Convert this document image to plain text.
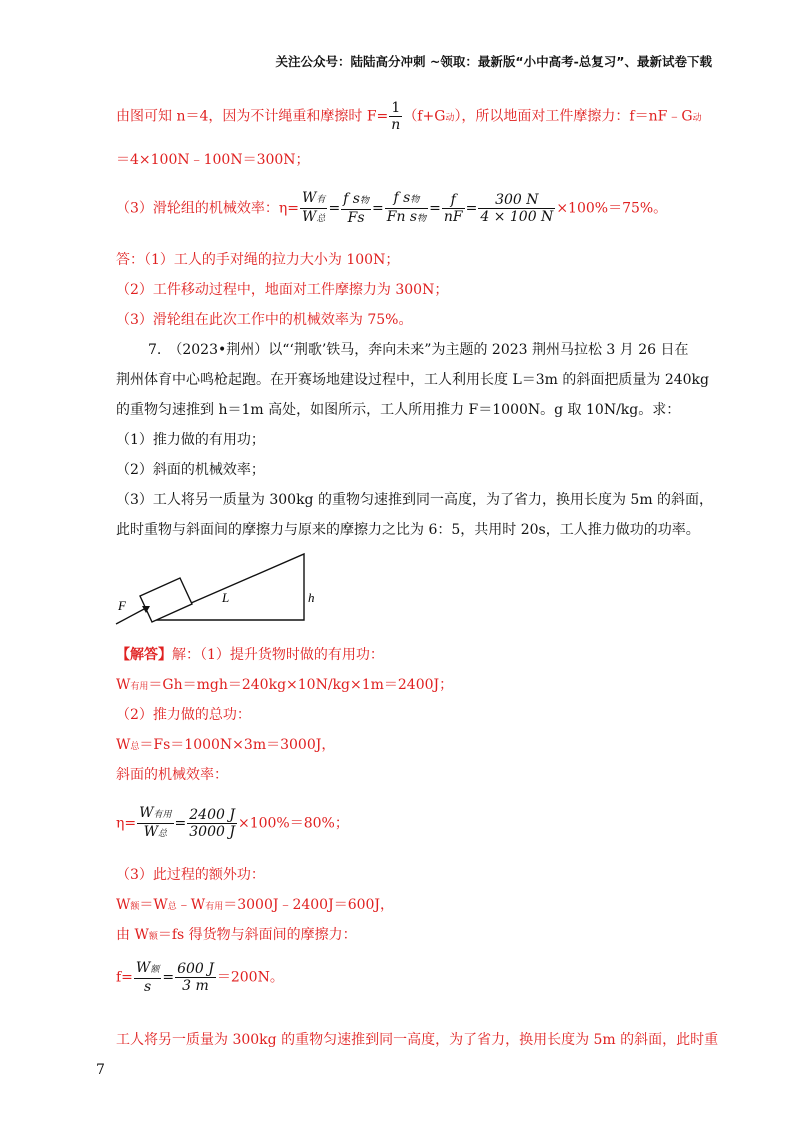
关注公众号：陆陆高分冲刺 ~领取：最新版“小中高考-总复习”、最新试卷下载
由图可知 n＝4，因为不计绳重和摩擦时 $F= \frac{1}{n} (f+G$动），所以地面对工件摩擦力：f＝nF﹣G动
＝4×100N﹣100N＝300N；
（3）滑轮组的机械效率：$\eta= \frac{\text{W有}}{\text{W总}} = \frac{\text{f s物}}{Fs} = \frac{\text{f s物}}{\text{Fn s物}} = \frac{f}{nF} = \frac{300 N}{4 \times 100 N} \times 100\%=75\%$。
答：（1）工人的手对绳的拉力大小为 100N；
（2）工件移动过程中，地面对工件摩擦力为 300N；
（3）滑轮组在此次工作中的机械效率为 75%。
7.　（2023•荆州）以“‘荆歌’铁马，奔向未来”为主题的 2023 荆州马拉松 3 月 26 日在
荆州体育中心鸣枪起跑。在开赛场地建设过程中，工人利用长度 L＝3m 的斜面把质量为 240kg
的重物匀速推到 h＝1m 高处，如图所示，工人所用推力 F＝1000N。g 取 10N/kg。求：
（1）推力做的有用功；
（2）斜面的机械效率；
（3）工人将另一质量为 300kg 的重物匀速推到同一高度，为了省力，换用长度为 5m 的斜面，
此时重物与斜面间的摩擦力与原来的摩擦力之比为 6：5，共用时 20s，工人推力做功的功率。
F
L	h
【解答】解：（1）提升货物时做的有用功：
W有用＝Gh＝mgh＝240kg×10N/kg×1m＝2400J；
（2）推力做的总功：
W总＝Fs＝1000N×3m＝3000J，
斜面的机械效率：
$\eta= \frac{\text{W有用}}{\text{W总}} = \frac{2400 J}{3000 J} \times 100\%=80\%$；
（3）此过程的额外功：
W额＝W总﹣W有用＝3000J﹣2400J＝600J，
由 W额＝fs 得货物与斜面间的摩擦力：
$f= \frac{\text{W额}}{s} = \frac{600 J}{3 m} =200N$。
工人将另一质量为 300kg 的重物匀速推到同一高度，为了省力，换用长度为 5m 的斜面，此时重
7
